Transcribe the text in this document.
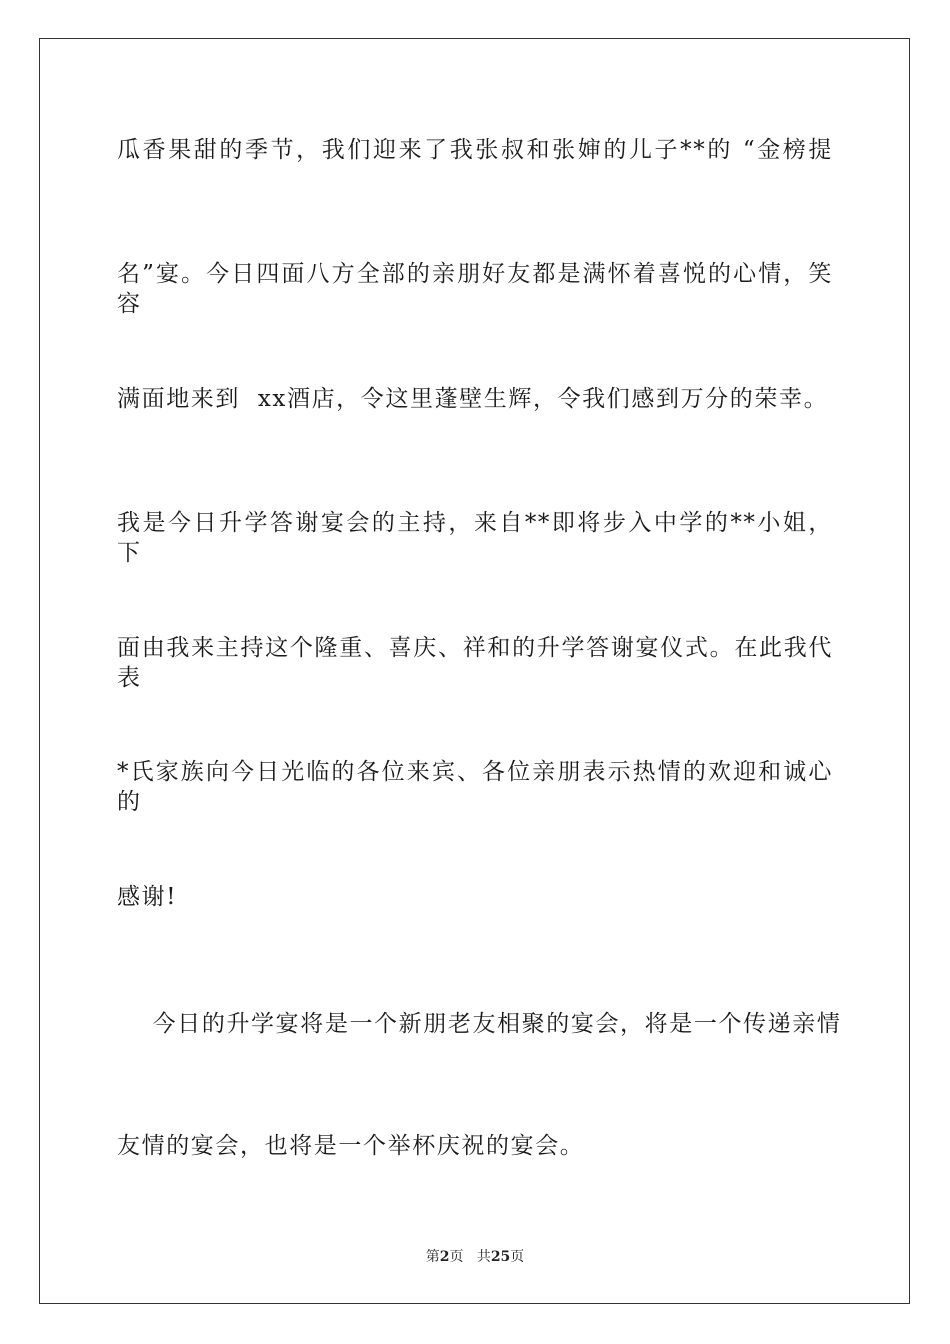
瓜香果甜的季节，我们迎来了我张叔和张婶的儿子**的 “金榜提
名”宴。今日四面八方全部的亲朋好友都是满怀着喜悦的心情，笑容
满面地来到  xx酒店，令这里蓬壁生辉，令我们感到万分的荣幸。
我是今日升学答谢宴会的主持，来自**即将步入中学的**小姐， 下
面由我来主持这个隆重、喜庆、祥和的升学答谢宴仪式。在此我代表
*氏家族向今日光临的各位来宾、各位亲朋表示热情的欢迎和诚心的
感谢!
今日的升学宴将是一个新朋老友相聚的宴会，将是一个传递亲情
友情的宴会，也将是一个举杯庆祝的宴会。
第2页 共25页
